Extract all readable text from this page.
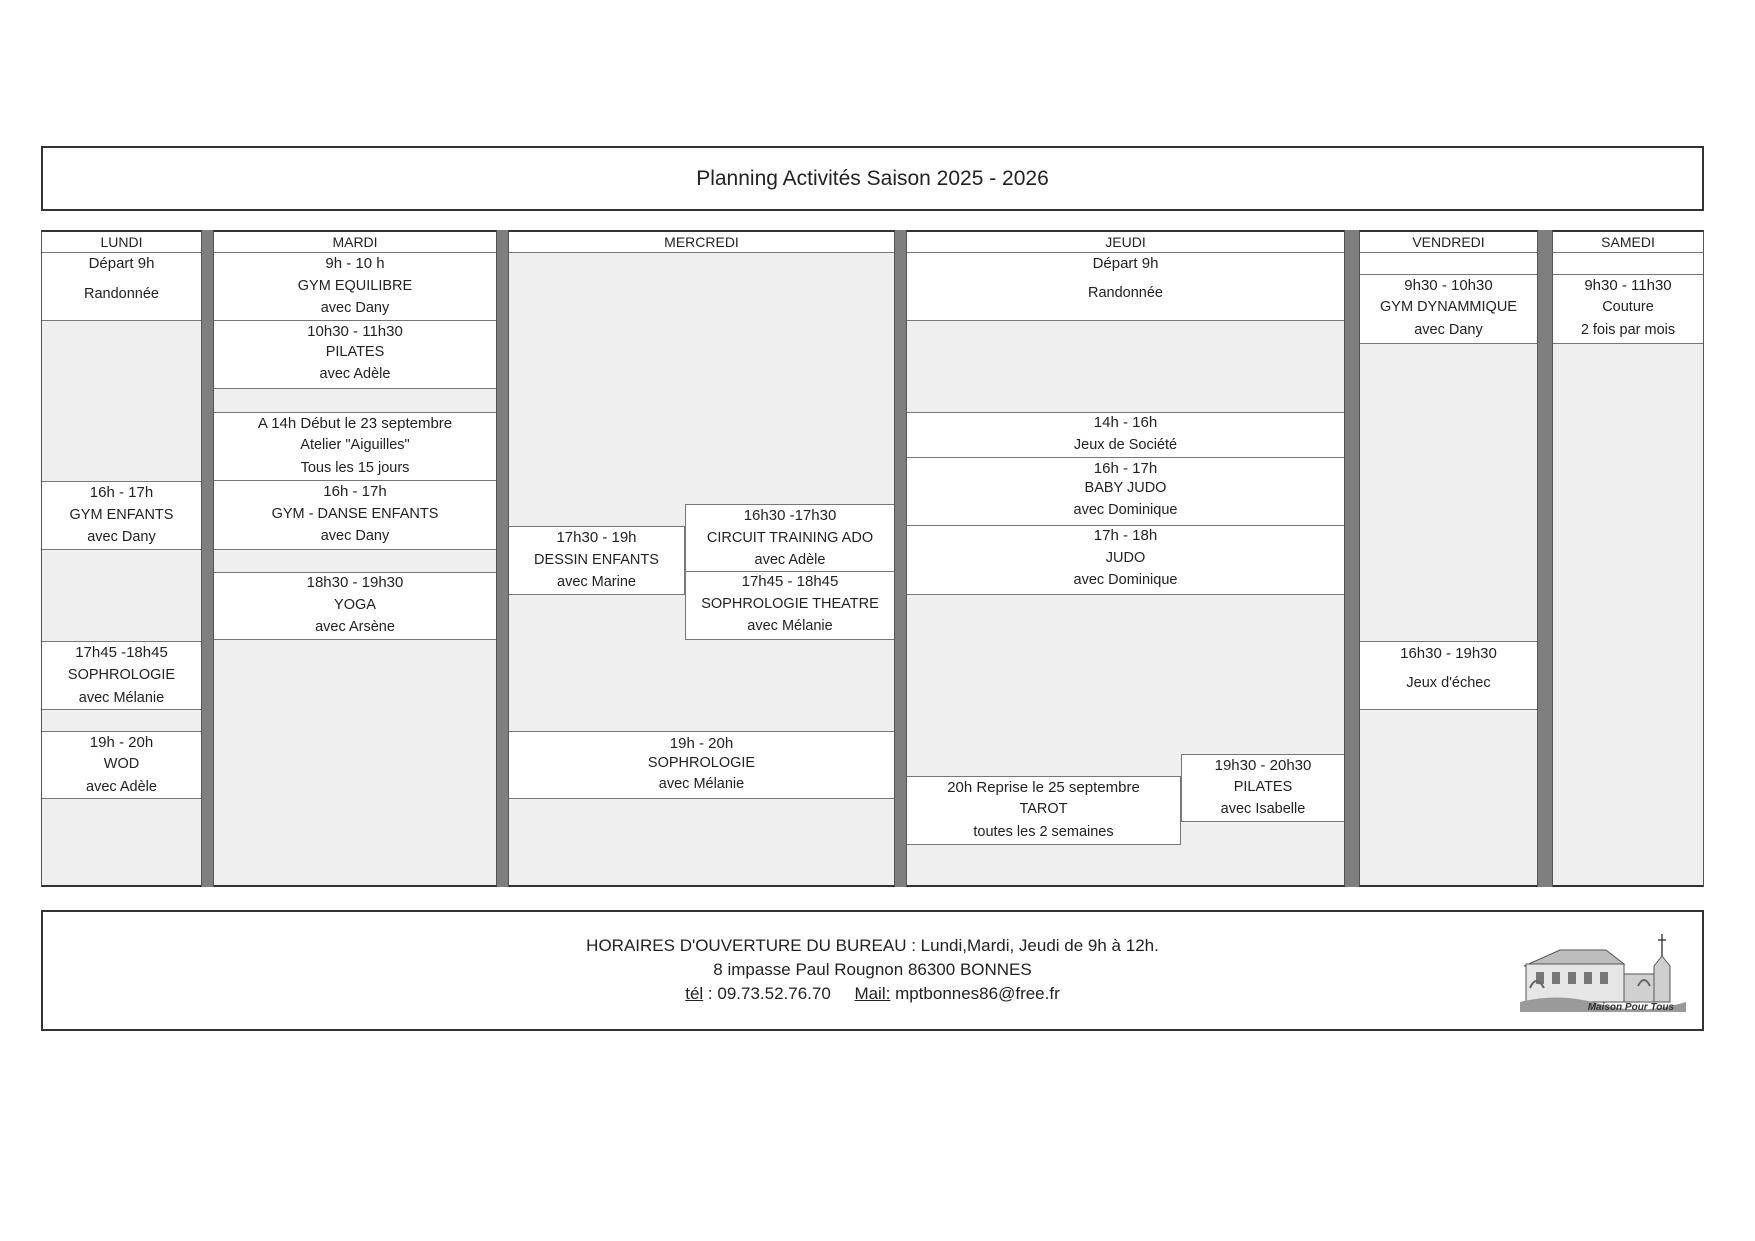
Planning Activités Saison 2025 - 2026
LUNDI
Départ 9h
Randonnée
16h - 17h
GYM ENFANTS
avec Dany
17h45 -18h45
SOPHROLOGIE
avec Mélanie
19h - 20h
WOD
avec Adèle
MARDI
9h - 10 h
GYM EQUILIBRE
avec Dany
10h30 - 11h30
PILATES
avec Adèle
A 14h Début le 23 septembre
Atelier "Aiguilles"
Tous les 15 jours
16h - 17h
GYM - DANSE ENFANTS
avec Dany
18h30 - 19h30
YOGA
avec Arsène
MERCREDI
17h30 - 19h
DESSIN ENFANTS
avec Marine
16h30 -17h30
CIRCUIT TRAINING ADO
avec Adèle
17h45 - 18h45
SOPHROLOGIE THEATRE
avec Mélanie
19h - 20h
SOPHROLOGIE
avec Mélanie
JEUDI
Départ 9h
Randonnée
14h - 16h
Jeux de Société
16h - 17h
BABY JUDO
avec Dominique
17h - 18h
JUDO
avec Dominique
20h Reprise le 25 septembre
TAROT
toutes les 2 semaines
19h30 - 20h30
PILATES
avec Isabelle
VENDREDI
9h30 - 10h30
GYM DYNAMMIQUE
avec Dany
16h30 - 19h30
Jeux d'échec
SAMEDI
9h30 - 11h30
Couture
2 fois par mois
HORAIRES D'OUVERTURE DU BUREAU : Lundi,Mardi, Jeudi de 9h à 12h.
8 impasse Paul Rougnon 86300 BONNES
tél : 09.73.52.76.70 Mail: mptbonnes86@free.fr
Maison Pour Tous
